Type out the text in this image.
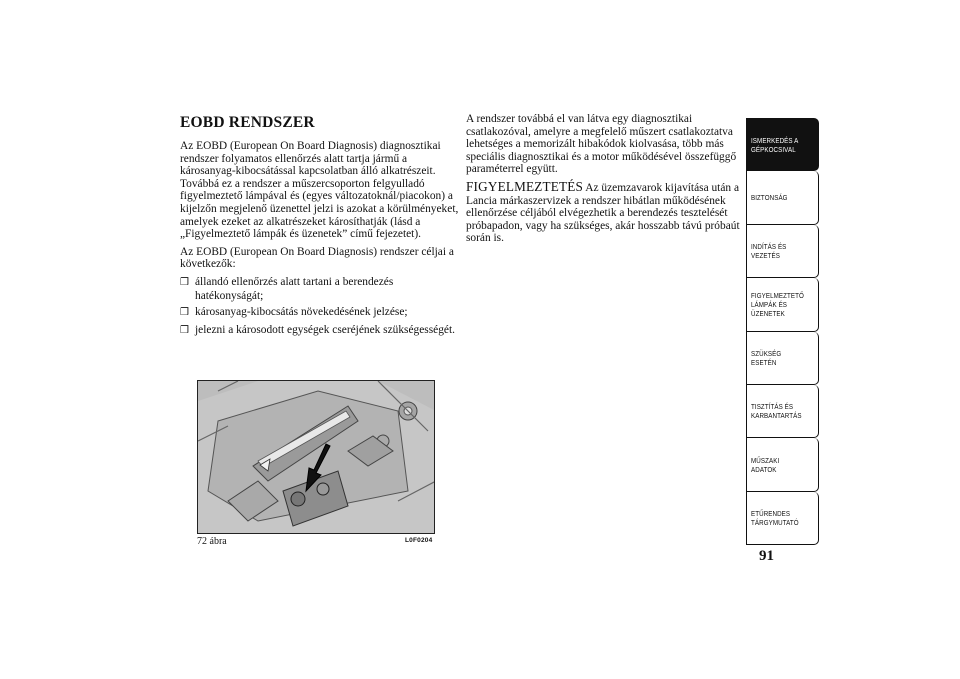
EOBD RENDSZER

Az EOBD (European On Board Diagnosis) diagnosztikai rendszer folyamatos ellenőrzés alatt tartja jármű a károsanyag-kibocsátással kapcsolatban álló alkatrészeit. Továbbá ez a rendszer a műszercsoporton felgyulladó figyelmeztető lámpával és (egyes változatoknál/piacokon) a kijelzőn megjelenő üzenettel jelzi is azokat a körülményeket, amelyek ezeket az alkatrészeket károsíthatják (lásd a „Figyelmeztető lámpák és üzenetek” című fejezetet).

Az EOBD (European On Board Diagnosis) rendszer céljai a következők:

❒ állandó ellenőrzés alatt tartani a berendezés hatékonyságát;
❒ károsanyag-kibocsátás növekedésének jelzése;
❒ jelezni a károsodott egységek cseréjének szükségességét.

A rendszer továbbá el van látva egy diagnosztikai csatlakozóval, amelyre a megfelelő műszert csatlakoztatva lehetséges a memorizált hibakódok kiolvasása, több más speciális diagnosztikai és a motor működésével összefüggő paraméterrel együtt.

FIGYELMEZTETÉS Az üzemzavarok kijavítása után a Lancia márkaszervizek a rendszer hibátlan működésének ellenőrzése céljából elvégezhetik a berendezés tesztelését próbapadon, vagy ha szükséges, akár hosszabb távú próbaút során is.

72 ábra	L0F0204
ISMERKEDÉS A
GÉPKOCSIVAL
BIZTONSÁG
INDÍTÁS ÉS
VEZETÉS
FIGYELMEZTETŐ
LÁMPÁK ÉS
ÜZENETEK
SZÜKSÉG ESETÉN
TISZTÍTÁS ÉS
KARBANTARTÁS
MŰSZAKI ADATOK
ETŰRENDES
TÁRGYMUTATÓ
91
